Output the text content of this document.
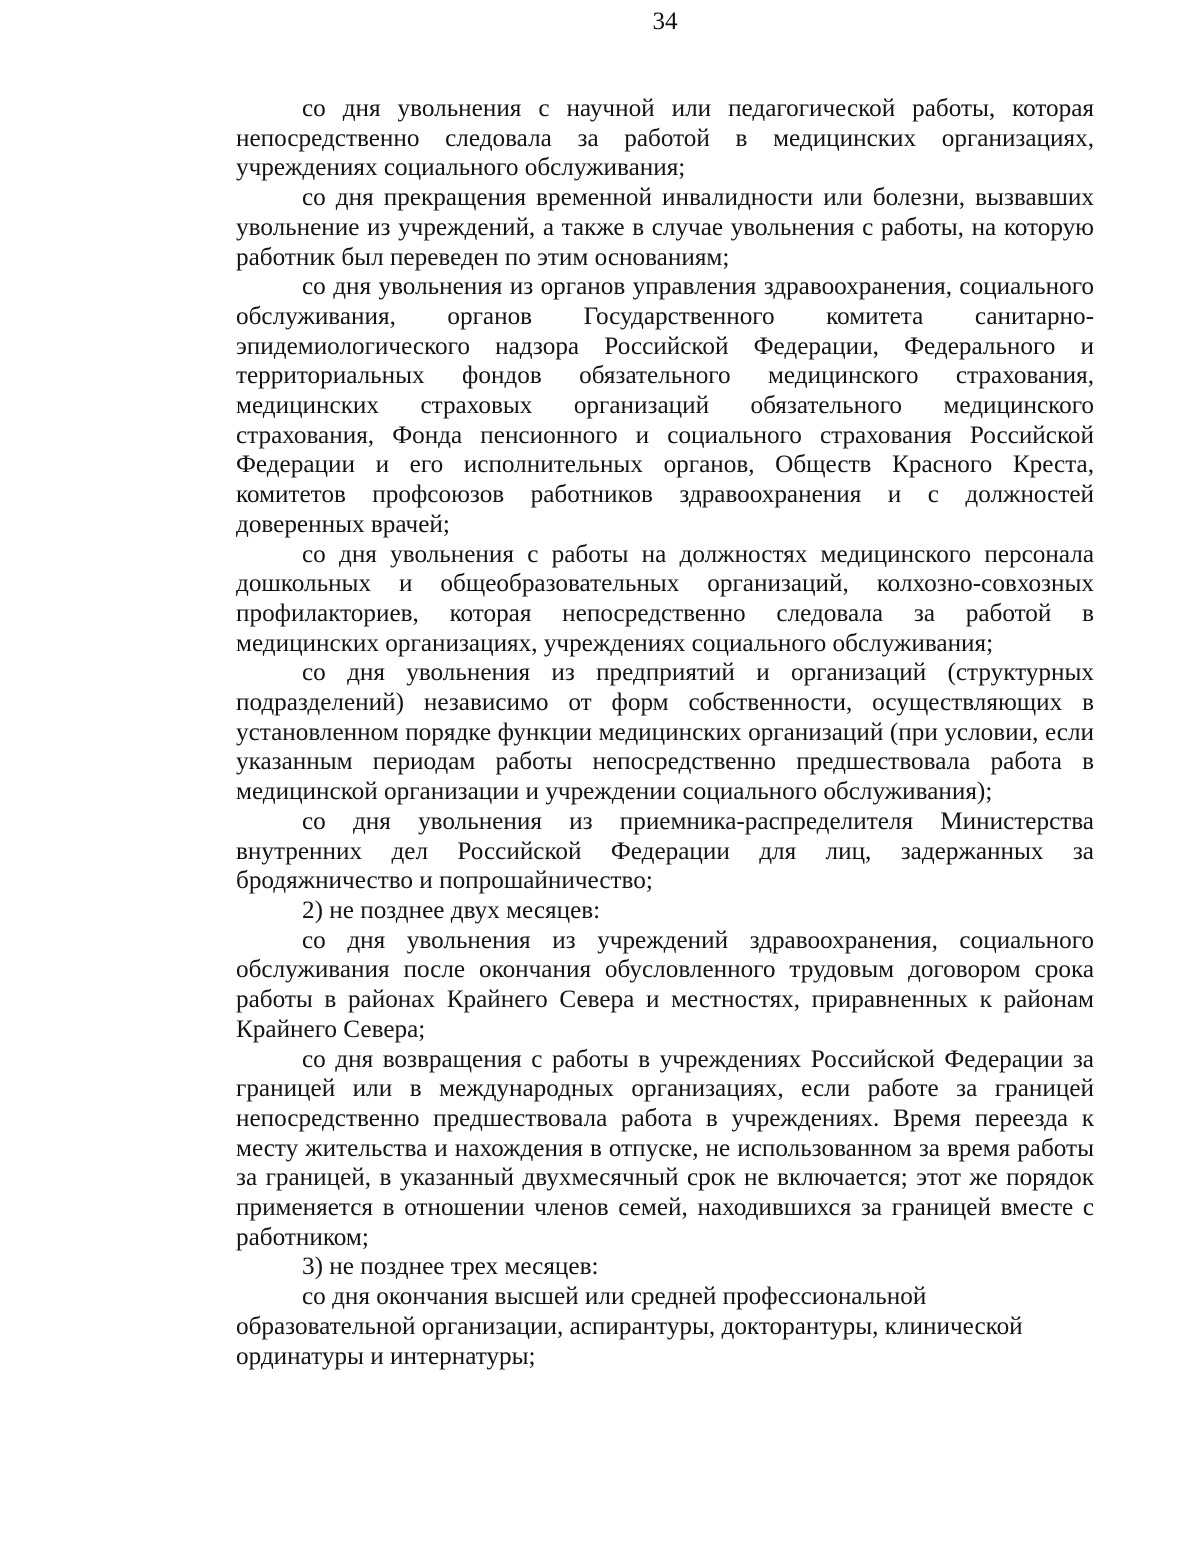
34

со дня увольнения с научной или педагогической работы, которая непосредственно следовала за работой в медицинских организациях, учреждениях социального обслуживания;

со дня прекращения временной инвалидности или болезни, вызвавших увольнение из учреждений, а также в случае увольнения с работы, на которую работник был переведен по этим основаниям;

со дня увольнения из органов управления здравоохранения, социального обслуживания, органов Государственного комитета санитарно-эпидемиологического надзора Российской Федерации, Федерального и территориальных фондов обязательного медицинского страхования, медицинских страховых организаций обязательного медицинского страхования, Фонда пенсионного и социального страхования Российской Федерации и его исполнительных органов, Обществ Красного Креста, комитетов профсоюзов работников здравоохранения и с должностей доверенных врачей;

со дня увольнения с работы на должностях медицинского персонала дошкольных и общеобразовательных организаций, колхозно-совхозных профилакториев, которая непосредственно следовала за работой в медицинских организациях, учреждениях социального обслуживания;

со дня увольнения из предприятий и организаций (структурных подразделений) независимо от форм собственности, осуществляющих в установленном порядке функции медицинских организаций (при условии, если указанным периодам работы непосредственно предшествовала работа в медицинской организации и учреждении социального обслуживания);

со дня увольнения из приемника-распределителя Министерства внутренних дел Российской Федерации для лиц, задержанных за бродяжничество и попрошайничество;

2) не позднее двух месяцев:

со дня увольнения из учреждений здравоохранения, социального обслуживания после окончания обусловленного трудовым договором срока работы в районах Крайнего Севера и местностях, приравненных к районам Крайнего Севера;

со дня возвращения с работы в учреждениях Российской Федерации за границей или в международных организациях, если работе за границей непосредственно предшествовала работа в учреждениях. Время переезда к месту жительства и нахождения в отпуске, не использованном за время работы за границей, в указанный двухмесячный срок не включается; этот же порядок применяется в отношении членов семей, находившихся за границей вместе с работником;

3) не позднее трех месяцев:

со дня окончания высшей или средней профессиональной образовательной организации, аспирантуры, докторантуры, клинической ординатуры и интернатуры;
